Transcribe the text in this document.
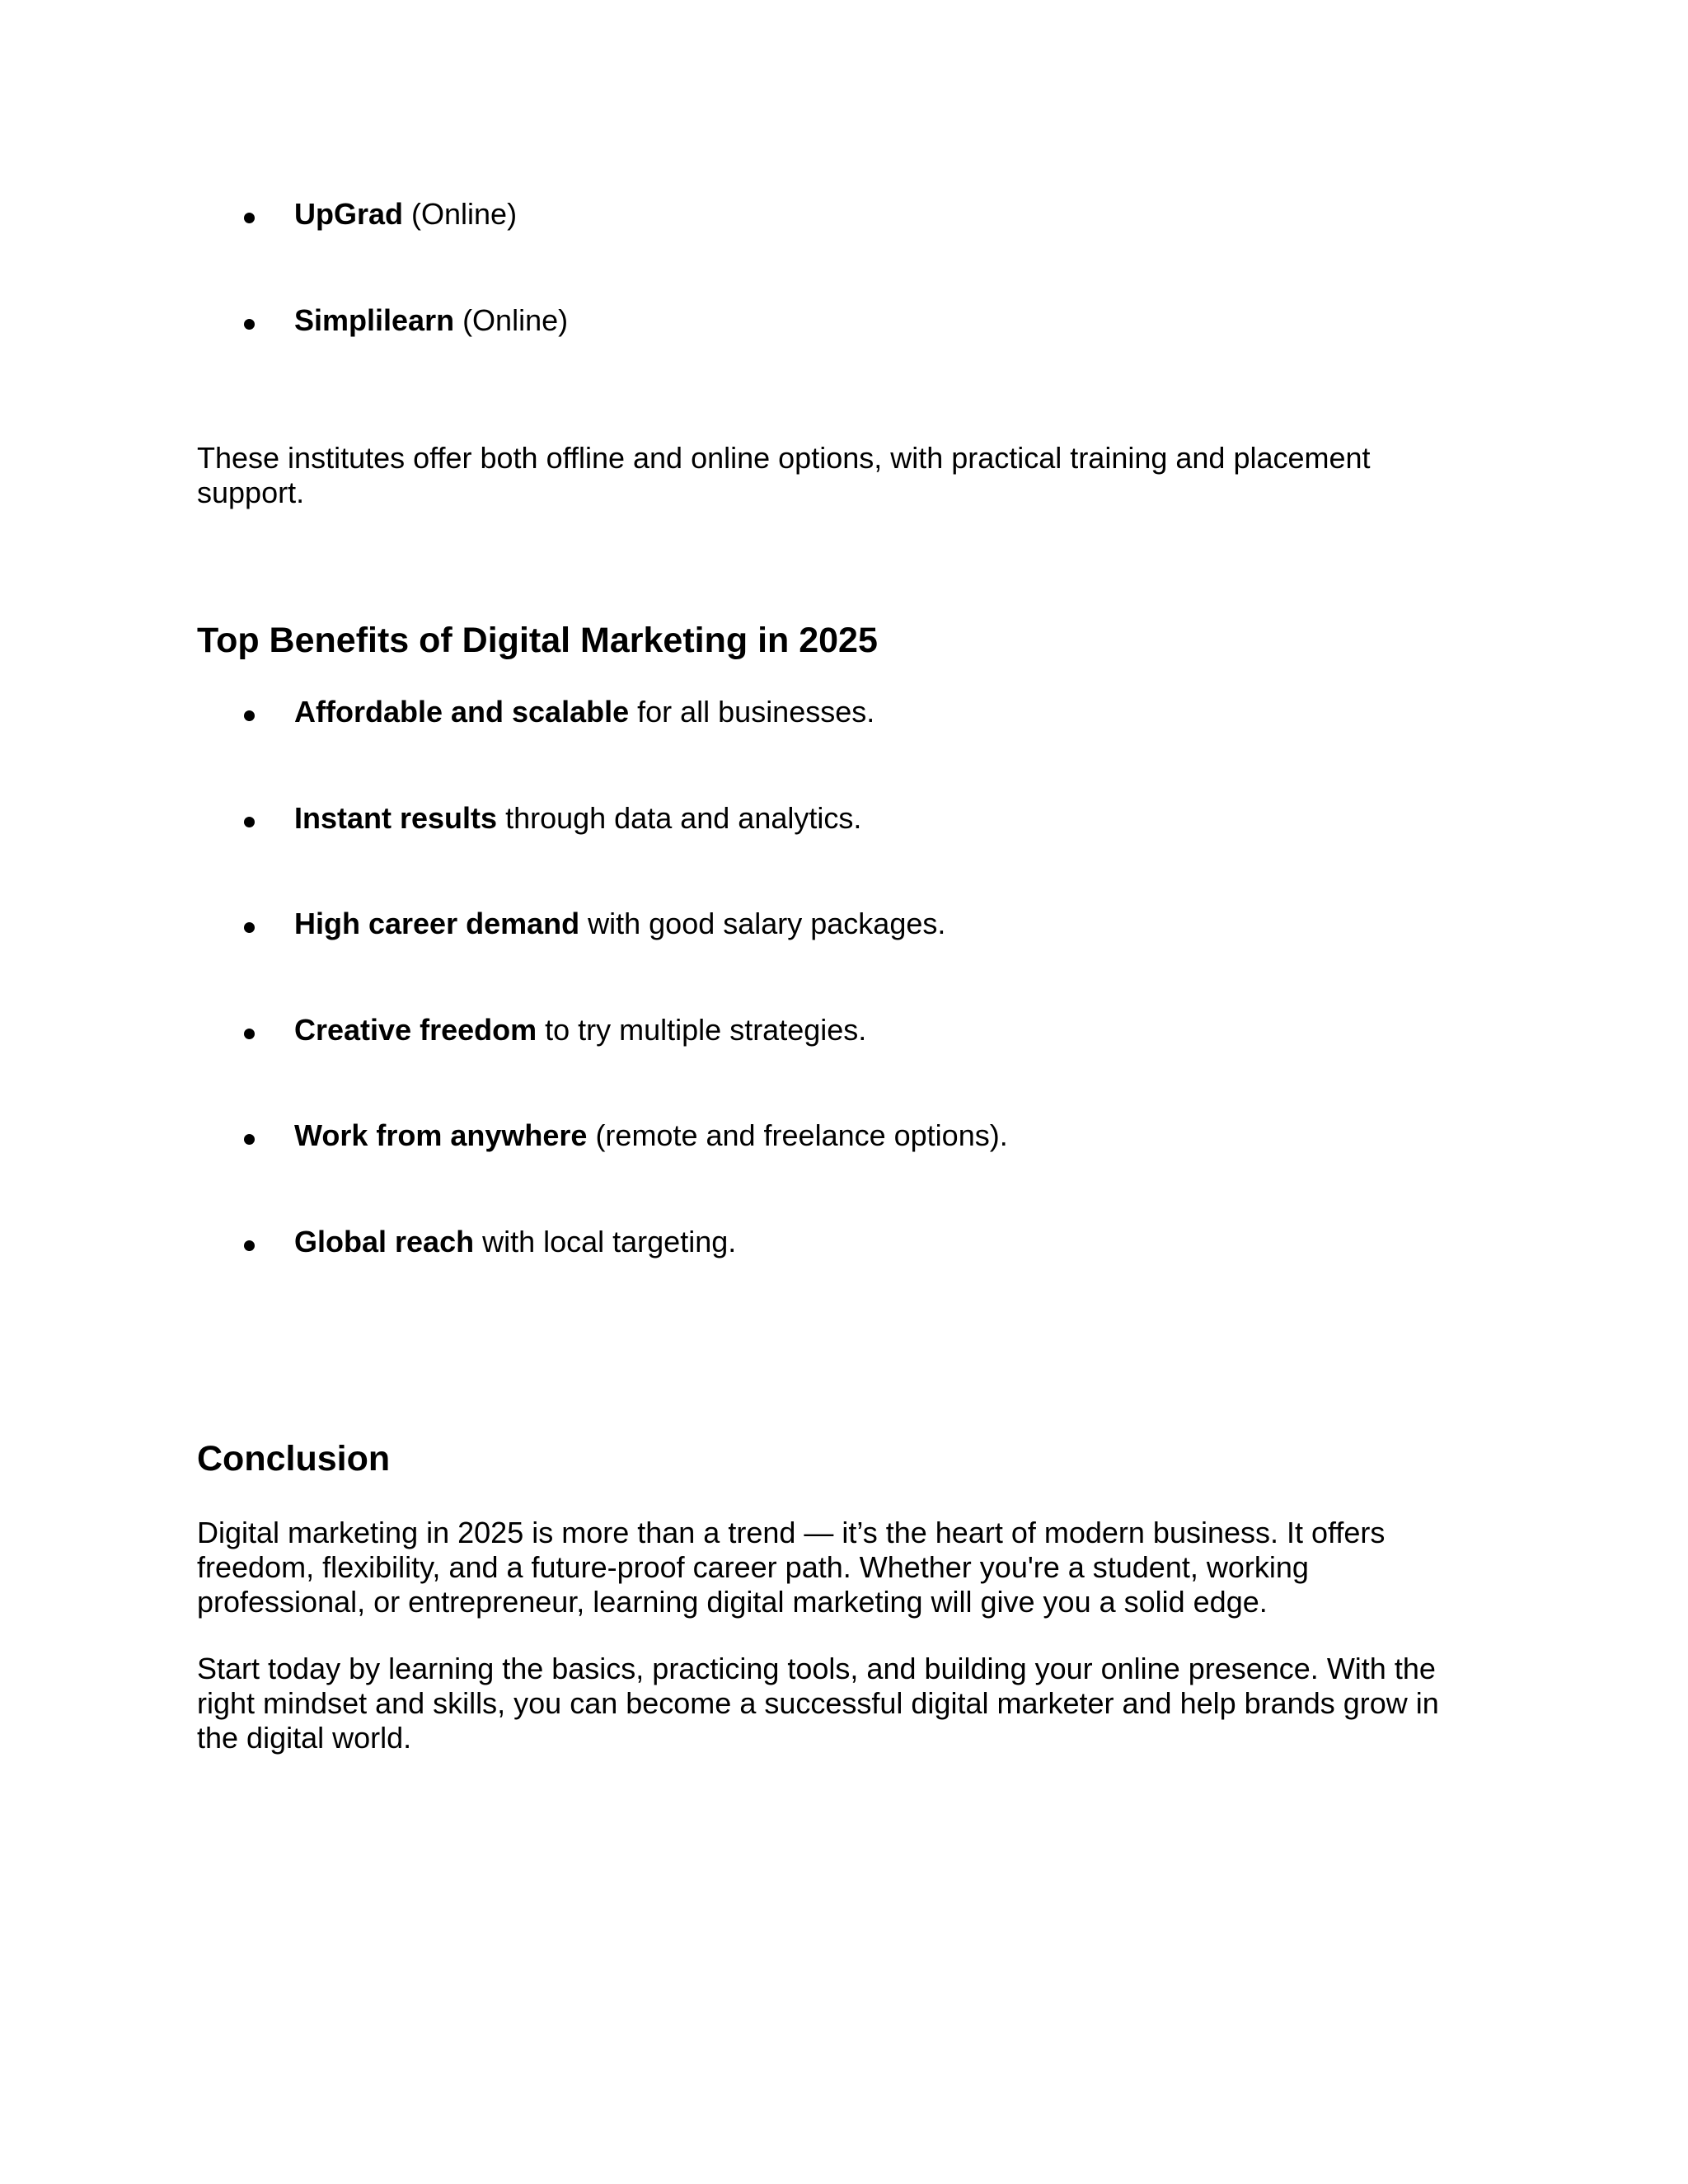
UpGrad (Online)
Simplilearn (Online)

These institutes offer both offline and online options, with practical training and placement support.

Top Benefits of Digital Marketing in 2025
Affordable and scalable for all businesses.
Instant results through data and analytics.
High career demand with good salary packages.
Creative freedom to try multiple strategies.
Work from anywhere (remote and freelance options).
Global reach with local targeting.
Conclusion

Digital marketing in 2025 is more than a trend — it’s the heart of modern business. It offers freedom, flexibility, and a future-proof career path. Whether you're a student, working professional, or entrepreneur, learning digital marketing will give you a solid edge.

Start today by learning the basics, practicing tools, and building your online presence. With the right mindset and skills, you can become a successful digital marketer and help brands grow in the digital world.
